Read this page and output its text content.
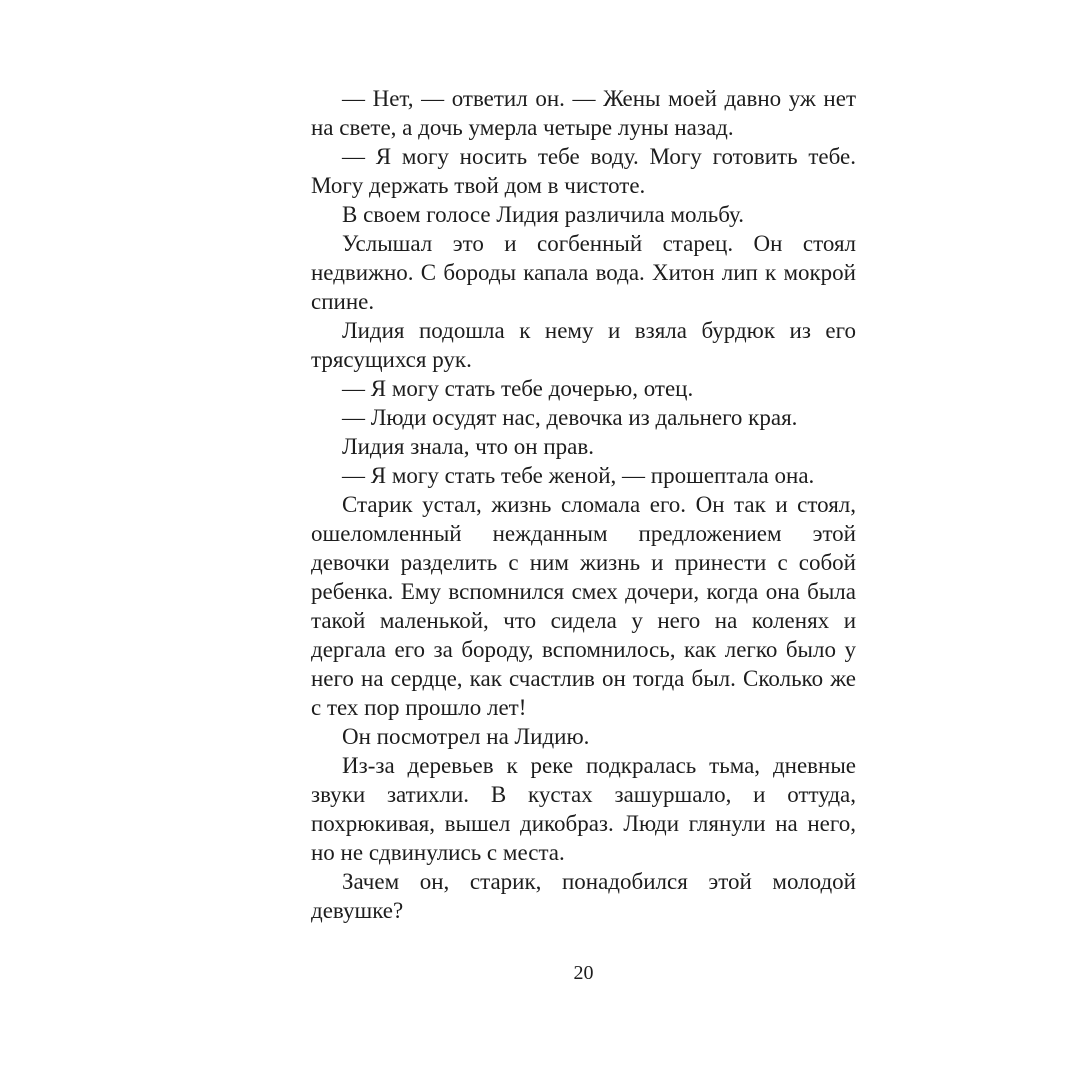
— Нет, — ответил он. — Жены моей давно уж нет на свете, а дочь умерла четыре луны назад.

— Я могу носить тебе воду. Могу готовить тебе. Могу держать твой дом в чистоте.

В своем голосе Лидия различила мольбу.

Услышал это и согбенный старец. Он стоял недвижно. С бороды капала вода. Хитон лип к мокрой спине.

Лидия подошла к нему и взяла бурдюк из его трясущихся рук.

— Я могу стать тебе дочерью, отец.

— Люди осудят нас, девочка из дальнего края.

Лидия знала, что он прав.

— Я могу стать тебе женой, — прошептала она.

Старик устал, жизнь сломала его. Он так и стоял, ошеломленный нежданным предложением этой девочки разделить с ним жизнь и принести с собой ребенка. Ему вспомнился смех дочери, когда она была такой маленькой, что сидела у него на коленях и дергала его за бороду, вспомнилось, как легко было у него на сердце, как счастлив он тогда был. Сколько же с тех пор прошло лет!

Он посмотрел на Лидию.

Из-за деревьев к реке подкралась тьма, дневные звуки затихли. В кустах зашуршало, и оттуда, похрюкивая, вышел дикобраз. Люди глянули на него, но не сдвинулись с места.

Зачем он, старик, понадобился этой молодой девушке?

20
